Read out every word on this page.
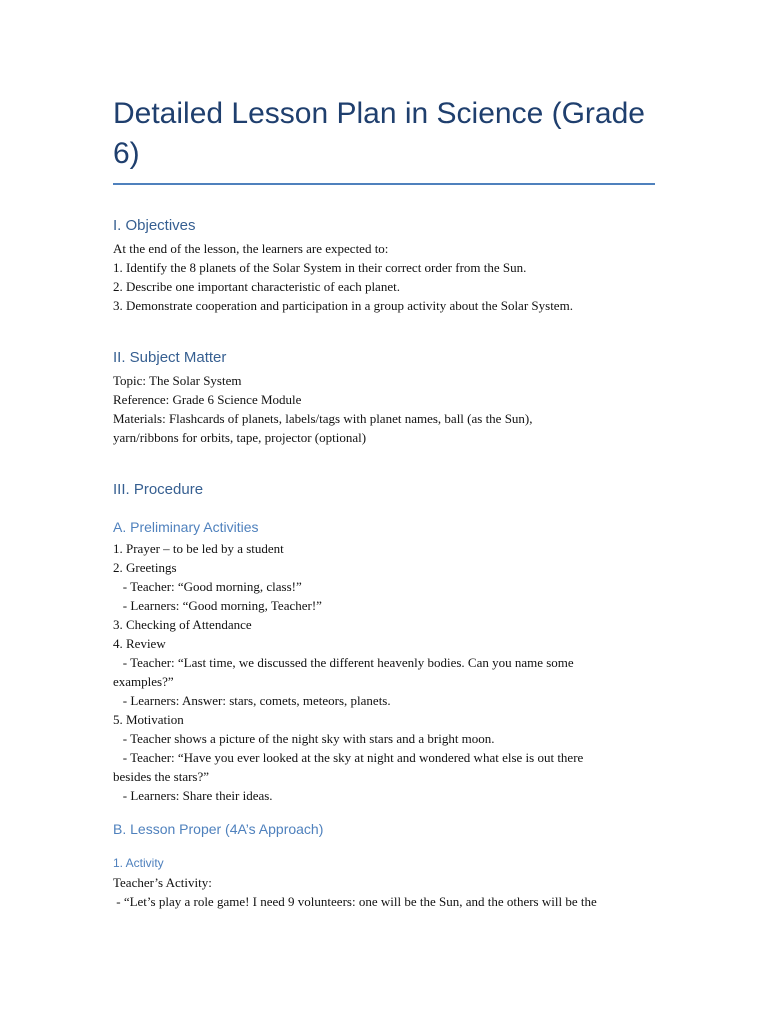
Detailed Lesson Plan in Science (Grade 6)
I. Objectives

At the end of the lesson, the learners are expected to:

1. Identify the 8 planets of the Solar System in their correct order from the Sun.

2. Describe one important characteristic of each planet.

3. Demonstrate cooperation and participation in a group activity about the Solar System.

II. Subject Matter

Topic: The Solar System

Reference: Grade 6 Science Module

Materials: Flashcards of planets, labels/tags with planet names, ball (as the Sun),

yarn/ribbons for orbits, tape, projector (optional)

III. Procedure
A. Preliminary Activities

1. Prayer – to be led by a student

2. Greetings

- Teacher: “Good morning, class!”

- Learners: “Good morning, Teacher!”

3. Checking of Attendance

4. Review

- Teacher: “Last time, we discussed the different heavenly bodies. Can you name some

examples?”

- Learners: Answer: stars, comets, meteors, planets.

5. Motivation

- Teacher shows a picture of the night sky with stars and a bright moon.

- Teacher: “Have you ever looked at the sky at night and wondered what else is out there

besides the stars?”

- Learners: Share their ideas.

B. Lesson Proper (4A’s Approach)
1. Activity

Teacher’s Activity:

- “Let’s play a role game! I need 9 volunteers: one will be the Sun, and the others will be the
